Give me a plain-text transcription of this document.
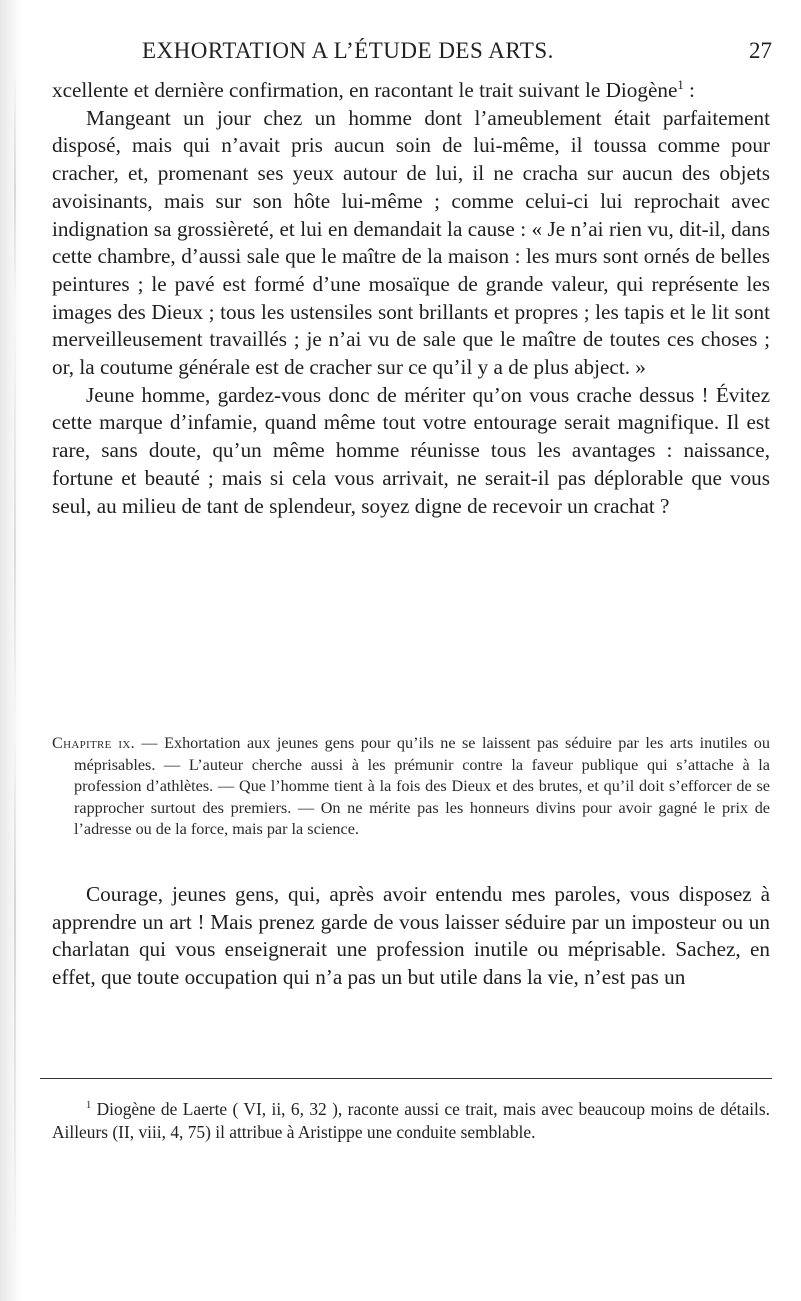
EXHORTATION A L’ÉTUDE DES ARTS.	27

xcellente et dernière confirmation, en racontant le trait suivant le Diogène$^1$ :

Mangeant un jour chez un homme dont l’ameublement était parfaitement disposé, mais qui n’avait pris aucun soin de lui-même, il toussa comme pour cracher, et, promenant ses yeux autour de lui, il ne cracha sur aucun des objets avoisinants, mais sur son hôte lui-même ; comme celui-ci lui reprochait avec indignation sa grossièreté, et lui en demandait la cause : « Je n’ai rien vu, dit-il, dans cette chambre, d’aussi sale que le maître de la maison : les murs sont ornés de belles peintures ; le pavé est formé d’une mosaïque de grande valeur, qui représente les images des Dieux ; tous les ustensiles sont brillants et propres ; les tapis et le lit sont merveilleusement travaillés ; je n’ai vu de sale que le maître de toutes ces choses ; or, la coutume générale est de cracher sur ce qu’il y a de plus abject. »

Jeune homme, gardez-vous donc de mériter qu’on vous crache dessus ! Évitez cette marque d’infamie, quand même tout votre entourage serait magnifique. Il est rare, sans doute, qu’un même homme réunisse tous les avantages : naissance, fortune et beauté ; mais si cela vous arrivait, ne serait-il pas déplorable que vous seul, au milieu de tant de splendeur, soyez digne de recevoir un crachat ?

Chapitre ix. — Exhortation aux jeunes gens pour qu’ils ne se laissent pas séduire par les arts inutiles ou méprisables. — L’auteur cherche aussi à les prémunir contre la faveur publique qui s’attache à la profession d’athlètes. — Que l’homme tient à la fois des Dieux et des brutes, et qu’il doit s’efforcer de se rapprocher surtout des premiers. — On ne mérite pas les honneurs divins pour avoir gagné le prix de l’adresse ou de la force, mais par la science.

Courage, jeunes gens, qui, après avoir entendu mes paroles, vous disposez à apprendre un art ! Mais prenez garde de vous laisser séduire par un imposteur ou un charlatan qui vous enseignerait une profession inutile ou méprisable. Sachez, en effet, que toute occupation qui n’a pas un but utile dans la vie, n’est pas un

$^1$ Diogène de Laerte ( VI, ii, 6, 32 ), raconte aussi ce trait, mais avec beaucoup moins de détails. Ailleurs (II, viii, 4, 75) il attribue à Aristippe une conduite semblable.
